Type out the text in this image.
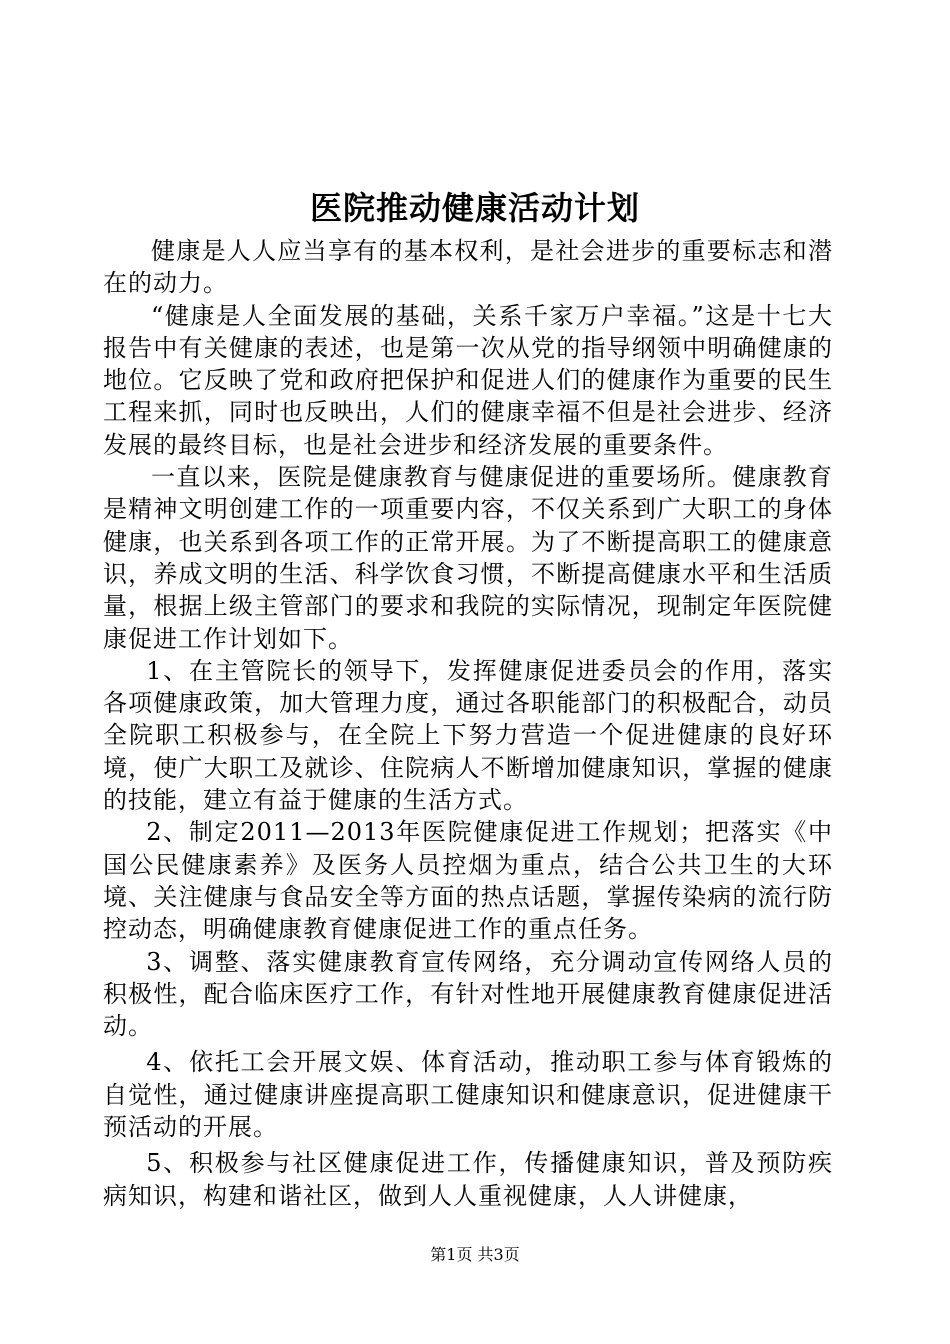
医院推动健康活动计划

健康是人人应当享有的基本权利，是社会进步的重要标志和潜在的动力。

“健康是人全面发展的基础，关系千家万户幸福。”这是十七大报告中有关健康的表述，也是第一次从党的指导纲领中明确健康的地位。它反映了党和政府把保护和促进人们的健康作为重要的民生工程来抓，同时也反映出，人们的健康幸福不但是社会进步、经济发展的最终目标，也是社会进步和经济发展的重要条件。

一直以来，医院是健康教育与健康促进的重要场所。健康教育是精神文明创建工作的一项重要内容，不仅关系到广大职工的身体健康，也关系到各项工作的正常开展。为了不断提高职工的健康意识，养成文明的生活、科学饮食习惯，不断提高健康水平和生活质量，根据上级主管部门的要求和我院的实际情况，现制定年医院健康促进工作计划如下。

1、在主管院长的领导下，发挥健康促进委员会的作用，落实各项健康政策，加大管理力度，通过各职能部门的积极配合，动员全院职工积极参与，在全院上下努力营造一个促进健康的良好环境，使广大职工及就诊、住院病人不断增加健康知识，掌握的健康的技能，建立有益于健康的生活方式。

2、制定2011—2013年医院健康促进工作规划；把落实《中国公民健康素养》及医务人员控烟为重点，结合公共卫生的大环境、关注健康与食品安全等方面的热点话题，掌握传染病的流行防控动态，明确健康教育健康促进工作的重点任务。

3、调整、落实健康教育宣传网络，充分调动宣传网络人员的积极性，配合临床医疗工作，有针对性地开展健康教育健康促进活动。

4、依托工会开展文娱、体育活动，推动职工参与体育锻炼的自觉性，通过健康讲座提高职工健康知识和健康意识，促进健康干预活动的开展。

5、积极参与社区健康促进工作，传播健康知识，普及预防疾病知识，构建和谐社区，做到人人重视健康，人人讲健康，

第1页 共3页
